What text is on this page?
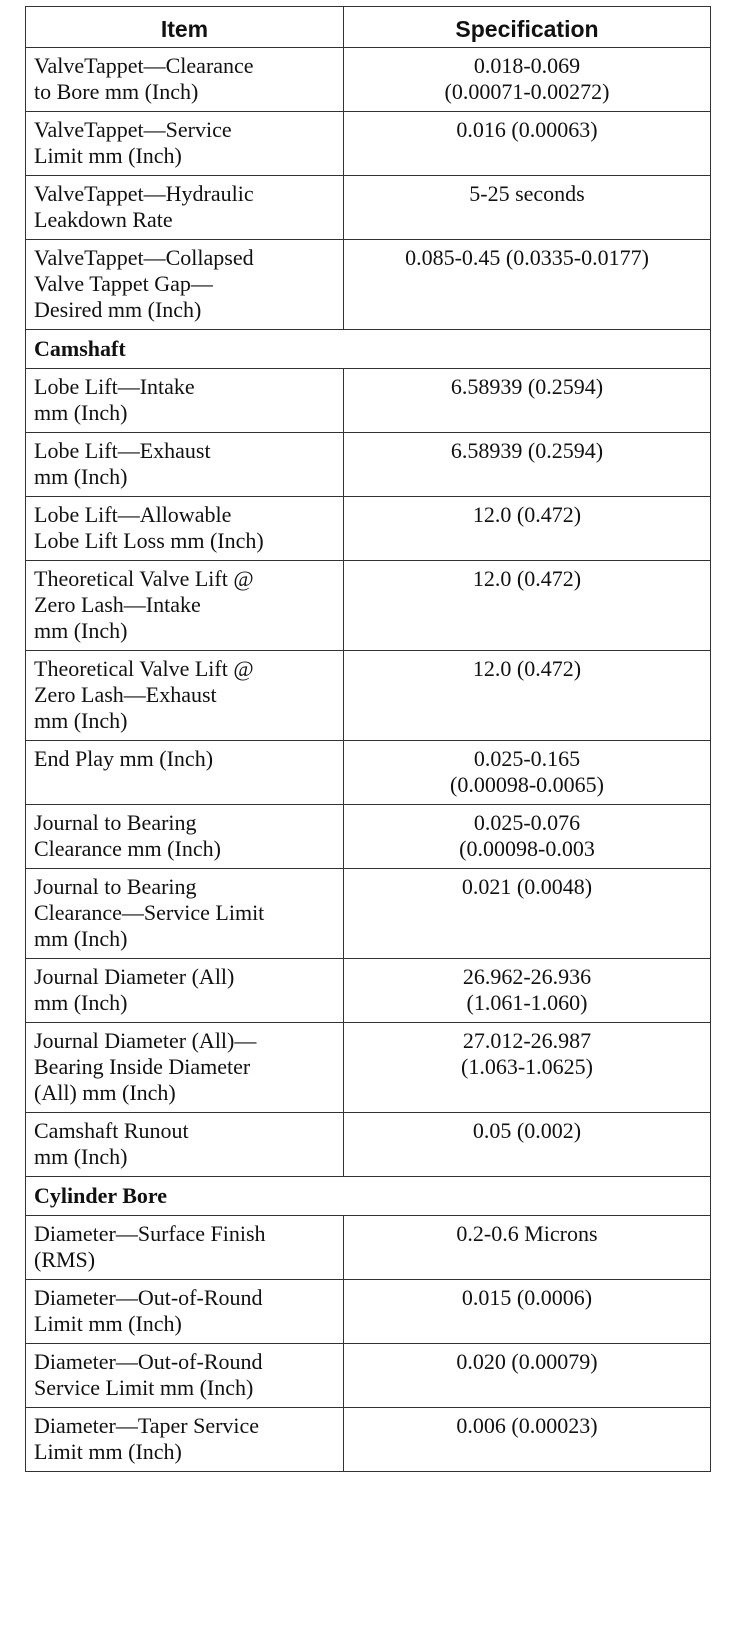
Item	Specification

ValveTappet—Clearance
to Bore mm (Inch)	0.018-0.069
(0.00071-0.00272)

ValveTappet—Service
Limit mm (Inch)	0.016 (0.00063)

ValveTappet—Hydraulic
Leakdown Rate	5-25 seconds

ValveTappet—Collapsed
Valve Tappet Gap—
Desired mm (Inch)	0.085-0.45 (0.0335-0.0177)

Camshaft	

Lobe Lift—Intake
mm (Inch)	6.58939 (0.2594)

Lobe Lift—Exhaust
mm (Inch)	6.58939 (0.2594)

Lobe Lift—Allowable
Lobe Lift Loss mm (Inch)	12.0 (0.472)

Theoretical Valve Lift @
Zero Lash—Intake
mm (Inch)	12.0 (0.472)

Theoretical Valve Lift @
Zero Lash—Exhaust
mm (Inch)	12.0 (0.472)

End Play mm (Inch)	0.025-0.165
(0.00098-0.0065)

Journal to Bearing
Clearance mm (Inch)	0.025-0.076
(0.00098-0.003

Journal to Bearing
Clearance—Service Limit
mm (Inch)	0.021 (0.0048)

Journal Diameter (All)
mm (Inch)	26.962-26.936
(1.061-1.060)

Journal Diameter (All)—
Bearing Inside Diameter
(All) mm (Inch)	27.012-26.987
(1.063-1.0625)

Camshaft Runout
mm (Inch)	0.05 (0.002)

Cylinder Bore	

Diameter—Surface Finish
(RMS)	0.2-0.6 Microns

Diameter—Out-of-Round
Limit mm (Inch)	0.015 (0.0006)

Diameter—Out-of-Round
Service Limit mm (Inch)	0.020 (0.00079)

Diameter—Taper Service
Limit mm (Inch)	0.006 (0.00023)
